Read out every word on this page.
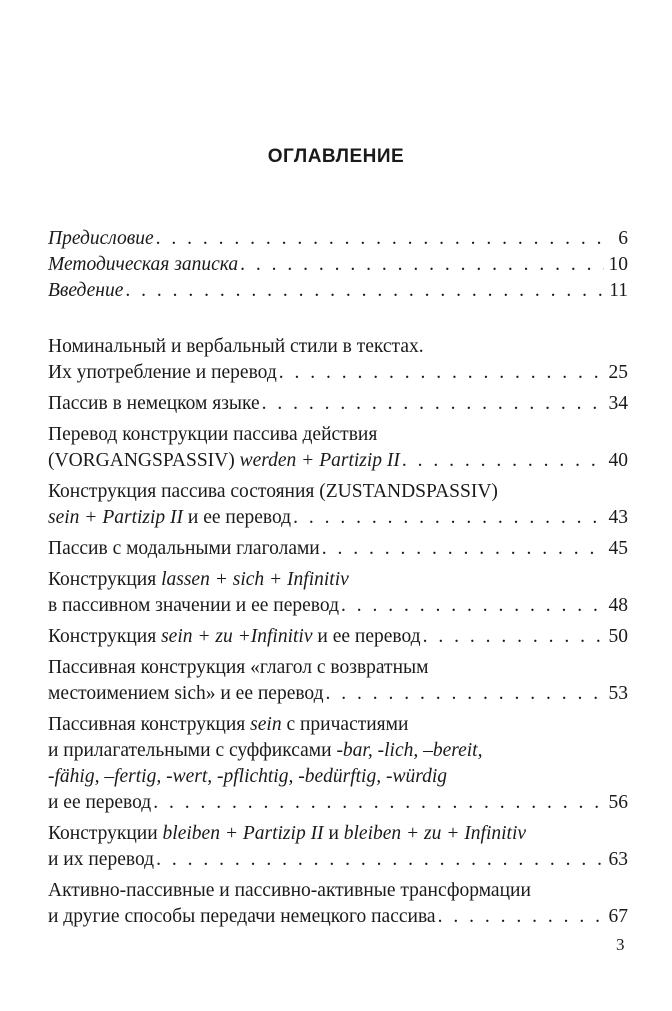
ОГЛАВЛЕНИЕ
Предисловие . . .	6
Методическая записка . . .	10
Введение . . .	11
Номинальный и вербальный стили в текстах.
Их употребление и перевод . . .	25
Пассив в немецком языке . . .	34
Перевод конструкции пассива действия
(VORGANGSPASSIV) werden + Partizip II . . .	40
Конструкция пассива состояния (ZUSTANDSPASSIV)
sein + Partizip II и ее перевод . . .	43
Пассив с модальными глаголами . . .	45
Конструкция lassen + sich + Infinitiv
в пассивном значении и ее перевод . . .	48
Конструкция sein + zu +Infinitiv и ее перевод . . .	50
Пассивная конструкция «глагол с возвратным
местоимением sich» и ее перевод . . .	53
Пассивная конструкция sein с причастиями
и прилагательными с суффиксами -bar, -lich, –bereit,
-fähig, –fertig, -wert, -pflichtig, -bedürftig, -würdig
и ее перевод . . .	56
Конструкции bleiben + Partizip II и bleiben + zu + Infinitiv
и их перевод . . .	63
Активно-пассивные и пассивно-активные трансформации
и другие способы передачи немецкого пассива . . .	67
3
